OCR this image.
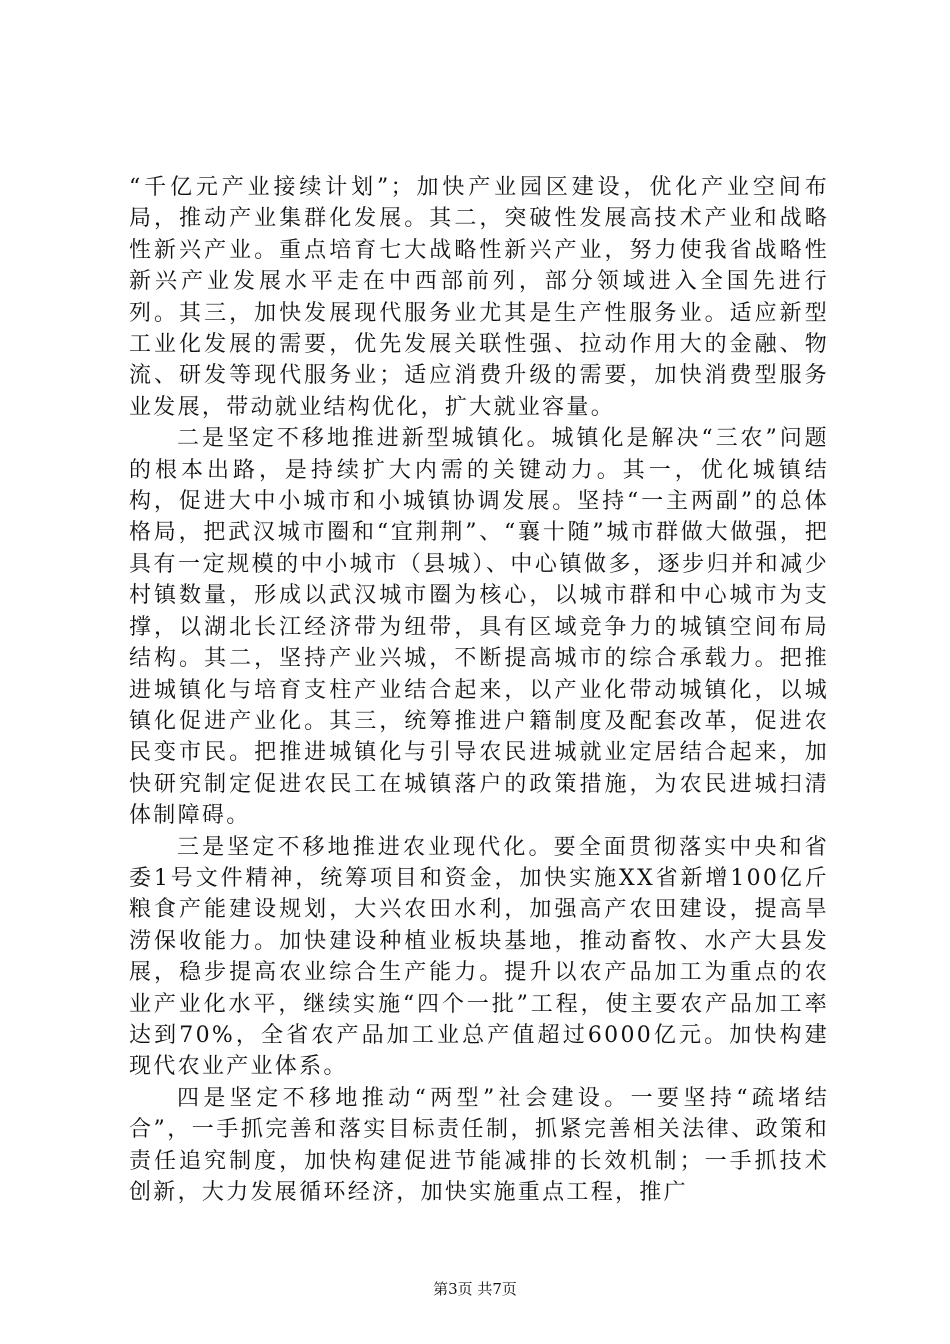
“千亿元产业接续计划”；加快产业园区建设，优化产业空间布局，推动产业集群化发展。其二，突破性发展高技术产业和战略性新兴产业。重点培育七大战略性新兴产业，努力使我省战略性新兴产业发展水平走在中西部前列，部分领域进入全国先进行列。其三，加快发展现代服务业尤其是生产性服务业。适应新型工业化发展的需要，优先发展关联性强、拉动作用大的金融、物流、研发等现代服务业；适应消费升级的需要，加快消费型服务业发展，带动就业结构优化，扩大就业容量。

二是坚定不移地推进新型城镇化。城镇化是解决“三农”问题的根本出路，是持续扩大内需的关键动力。其一，优化城镇结构，促进大中小城市和小城镇协调发展。坚持“一主两副”的总体格局，把武汉城市圈和“宜荆荆”、“襄十随”城市群做大做强，把具有一定规模的中小城市（县城）、中心镇做多，逐步归并和减少村镇数量，形成以武汉城市圈为核心，以城市群和中心城市为支撑，以湖北长江经济带为纽带，具有区域竞争力的城镇空间布局结构。其二，坚持产业兴城，不断提高城市的综合承载力。把推进城镇化与培育支柱产业结合起来，以产业化带动城镇化，以城镇化促进产业化。其三，统筹推进户籍制度及配套改革，促进农民变市民。把推进城镇化与引导农民进城就业定居结合起来，加快研究制定促进农民工在城镇落户的政策措施，为农民进城扫清体制障碍。

三是坚定不移地推进农业现代化。要全面贯彻落实中央和省委1号文件精神，统筹项目和资金，加快实施XX省新增100亿斤粮食产能建设规划，大兴农田水利，加强高产农田建设，提高旱涝保收能力。加快建设种植业板块基地，推动畜牧、水产大县发展，稳步提高农业综合生产能力。提升以农产品加工为重点的农业产业化水平，继续实施“四个一批”工程，使主要农产品加工率达到70%，全省农产品加工业总产值超过6000亿元。加快构建现代农业产业体系。

四是坚定不移地推动“两型”社会建设。一要坚持“疏堵结合”，一手抓完善和落实目标责任制，抓紧完善相关法律、政策和责任追究制度，加快构建促进节能减排的长效机制；一手抓技术创新，大力发展循环经济，加快实施重点工程，推广

第3页 共7页
